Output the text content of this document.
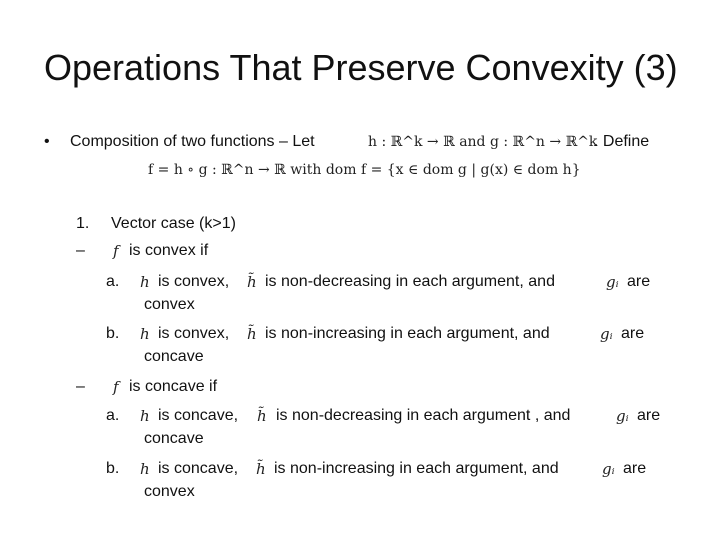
Operations That Preserve Convexity (3)
• Composition of two functions – Let	h : ℝ^k → ℝ and g : ℝ^n → ℝ^k
. Define
f = h ∘ g : ℝ^n → ℝ with dom f = {x ∈ dom g | g(x) ∈ dom h}
1. Vector case (k>1)
– f is convex if
a. h is convex, h̃ is non-decreasing in each argument, and	gᵢ are
convex
b. h is convex, h̃ is non-increasing in each argument, and	gᵢ are
concave
– f is concave if
a. h is concave, h̃ is non-decreasing in each argument , and	gᵢ are
concave
b. h is concave, h̃ is non-increasing in each argument, and	gᵢ are
convex
